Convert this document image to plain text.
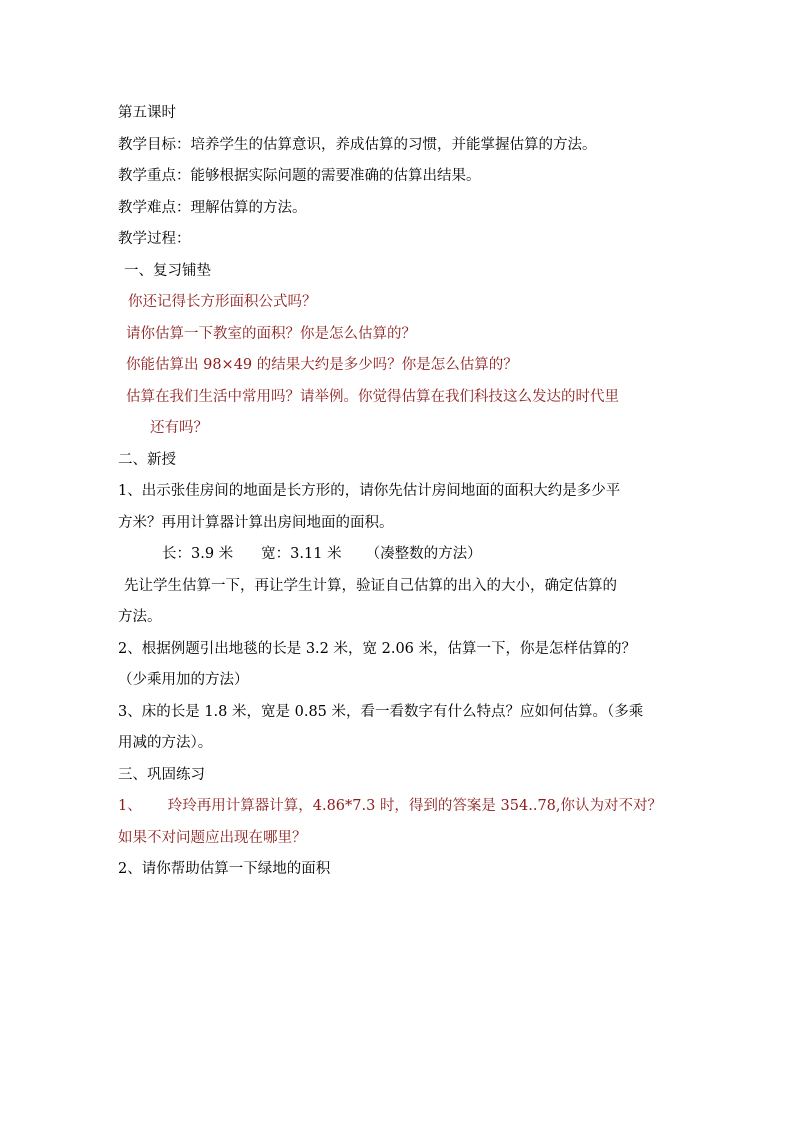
第五课时
教学目标：培养学生的估算意识，养成估算的习惯，并能掌握估算的方法。
教学重点：能够根据实际问题的需要准确的估算出结果。
教学难点：理解估算的方法。
教学过程：
一、复习铺垫
你还记得长方形面积公式吗？
请你估算一下教室的面积？你是怎么估算的？
你能估算出 98×49 的结果大约是多少吗？你是怎么估算的？
估算在我们生活中常用吗？请举例。你觉得估算在我们科技这么发达的时代里
还有吗？
二、新授
1、出示张佳房间的地面是长方形的，请你先估计房间地面的面积大约是多少平
方米？再用计算器计算出房间地面的面积。
长：3.9 米 宽：3.11 米 （凑整数的方法）
先让学生估算一下，再让学生计算，验证自己估算的出入的大小，确定估算的
方法。
2、根据例题引出地毯的长是 3.2 米，宽 2.06 米，估算一下，你是怎样估算的？
（少乘用加的方法）
3、床的长是 1.8 米，宽是 0.85 米，看一看数字有什么特点？应如何估算。（多乘
用减的方法）。
三、巩固练习
1、 玲玲再用计算器计算，4.86*7.3 时，得到的答案是 354..78,你认为对不对？
如果不对问题应出现在哪里？
2、请你帮助估算一下绿地的面积
